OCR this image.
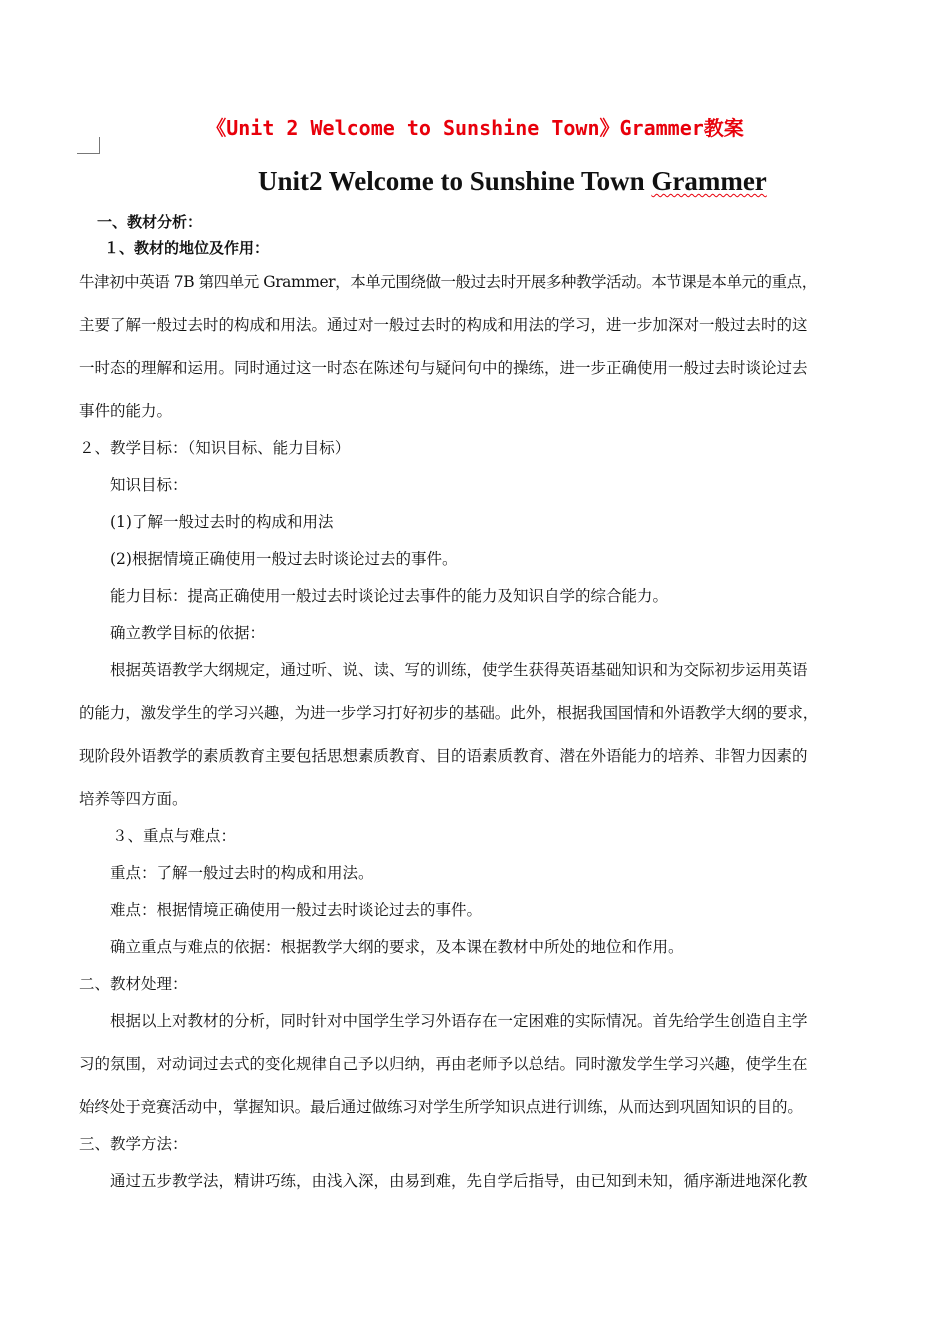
《Unit 2 Welcome to Sunshine Town》Grammer教案
Unit2 Welcome to Sunshine Town Grammer
一、教材分析：
１、教材的地位及作用：
牛津初中英语 7B 第四单元 Grammer，本单元围绕做一般过去时开展多种教学活动。本节课是本单元的重点，
主要了解一般过去时的构成和用法。通过对一般过去时的构成和用法的学习，进一步加深对一般过去时的这
一时态的理解和运用。同时通过这一时态在陈述句与疑问句中的操练，进一步正确使用一般过去时谈论过去
事件的能力。
２、教学目标：（知识目标、能力目标）
知识目标：
(1)了解一般过去时的构成和用法
(2)根据情境正确使用一般过去时谈论过去的事件。
能力目标：提高正确使用一般过去时谈论过去事件的能力及知识自学的综合能力。
确立教学目标的依据：
根据英语教学大纲规定，通过听、说、读、写的训练，使学生获得英语基础知识和为交际初步运用英语
的能力，激发学生的学习兴趣，为进一步学习打好初步的基础。此外，根据我国国情和外语教学大纲的要求，
现阶段外语教学的素质教育主要包括思想素质教育、目的语素质教育、潜在外语能力的培养、非智力因素的
培养等四方面。
３、重点与难点：
重点：了解一般过去时的构成和用法。
难点：根据情境正确使用一般过去时谈论过去的事件。
确立重点与难点的依据：根据教学大纲的要求，及本课在教材中所处的地位和作用。
二、教材处理：
根据以上对教材的分析，同时针对中国学生学习外语存在一定困难的实际情况。首先给学生创造自主学
习的氛围，对动词过去式的变化规律自己予以归纳，再由老师予以总结。同时激发学生学习兴趣，使学生在
始终处于竞赛活动中，掌握知识。最后通过做练习对学生所学知识点进行训练，从而达到巩固知识的目的。
三、教学方法：
通过五步教学法，精讲巧练，由浅入深，由易到难，先自学后指导，由已知到未知，循序渐进地深化教
